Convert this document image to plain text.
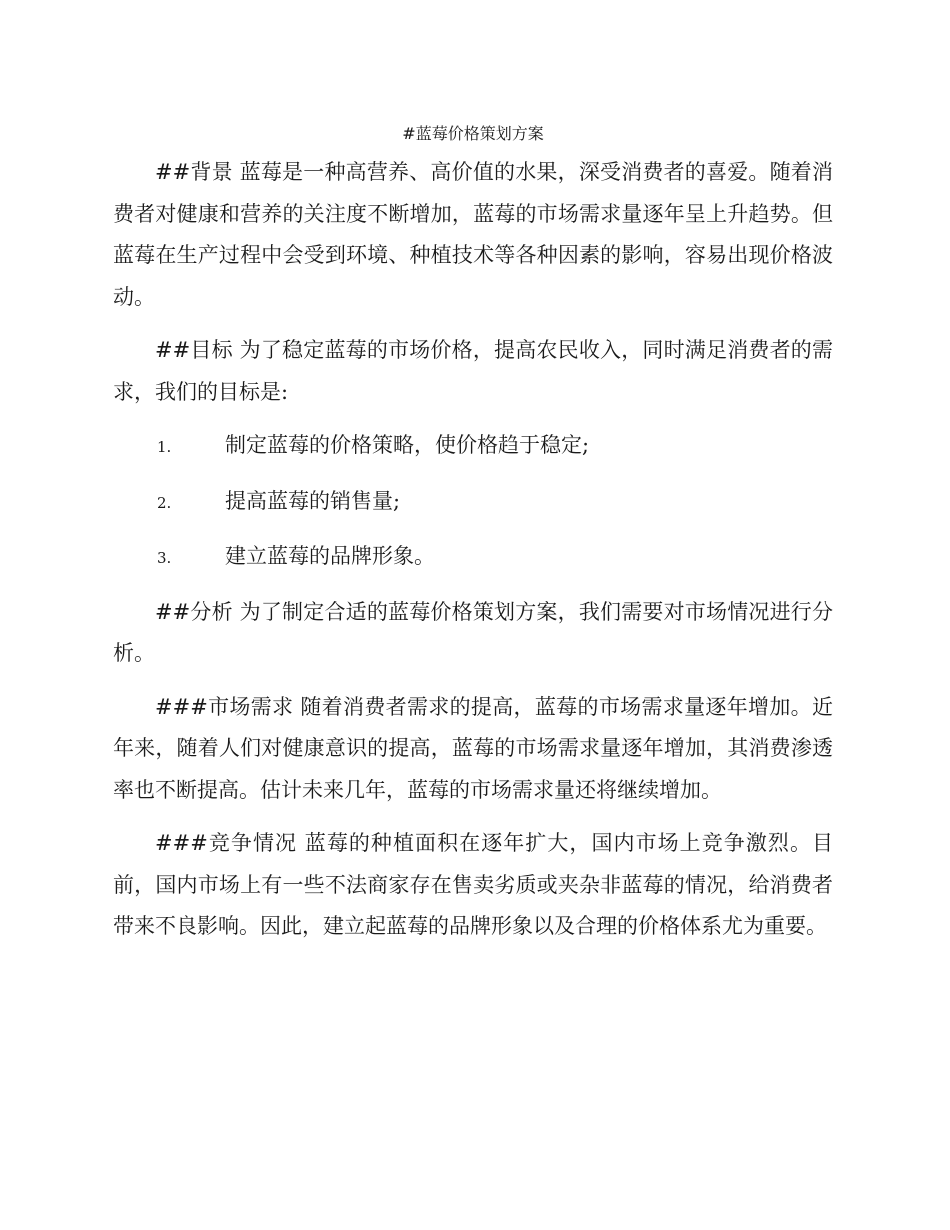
#蓝莓价格策划方案

##背景 蓝莓是一种高营养、高价值的水果，深受消费者的喜爱。随着消费者对健康和营养的关注度不断增加，蓝莓的市场需求量逐年呈上升趋势。但蓝莓在生产过程中会受到环境、种植技术等各种因素的影响，容易出现价格波动。

##目标 为了稳定蓝莓的市场价格，提高农民收入，同时满足消费者的需求，我们的目标是:

1.	制定蓝莓的价格策略，使价格趋于稳定;
2.	提高蓝莓的销售量;
3.	建立蓝莓的品牌形象。

##分析 为了制定合适的蓝莓价格策划方案，我们需要对市场情况进行分析。

###市场需求 随着消费者需求的提高，蓝莓的市场需求量逐年增加。近年来，随着人们对健康意识的提高，蓝莓的市场需求量逐年增加，其消费渗透率也不断提高。估计未来几年，蓝莓的市场需求量还将继续增加。

###竞争情况 蓝莓的种植面积在逐年扩大，国内市场上竞争激烈。目前，国内市场上有一些不法商家存在售卖劣质或夹杂非蓝莓的情况，给消费者带来不良影响。因此，建立起蓝莓的品牌形象以及合理的价格体系尤为重要。
